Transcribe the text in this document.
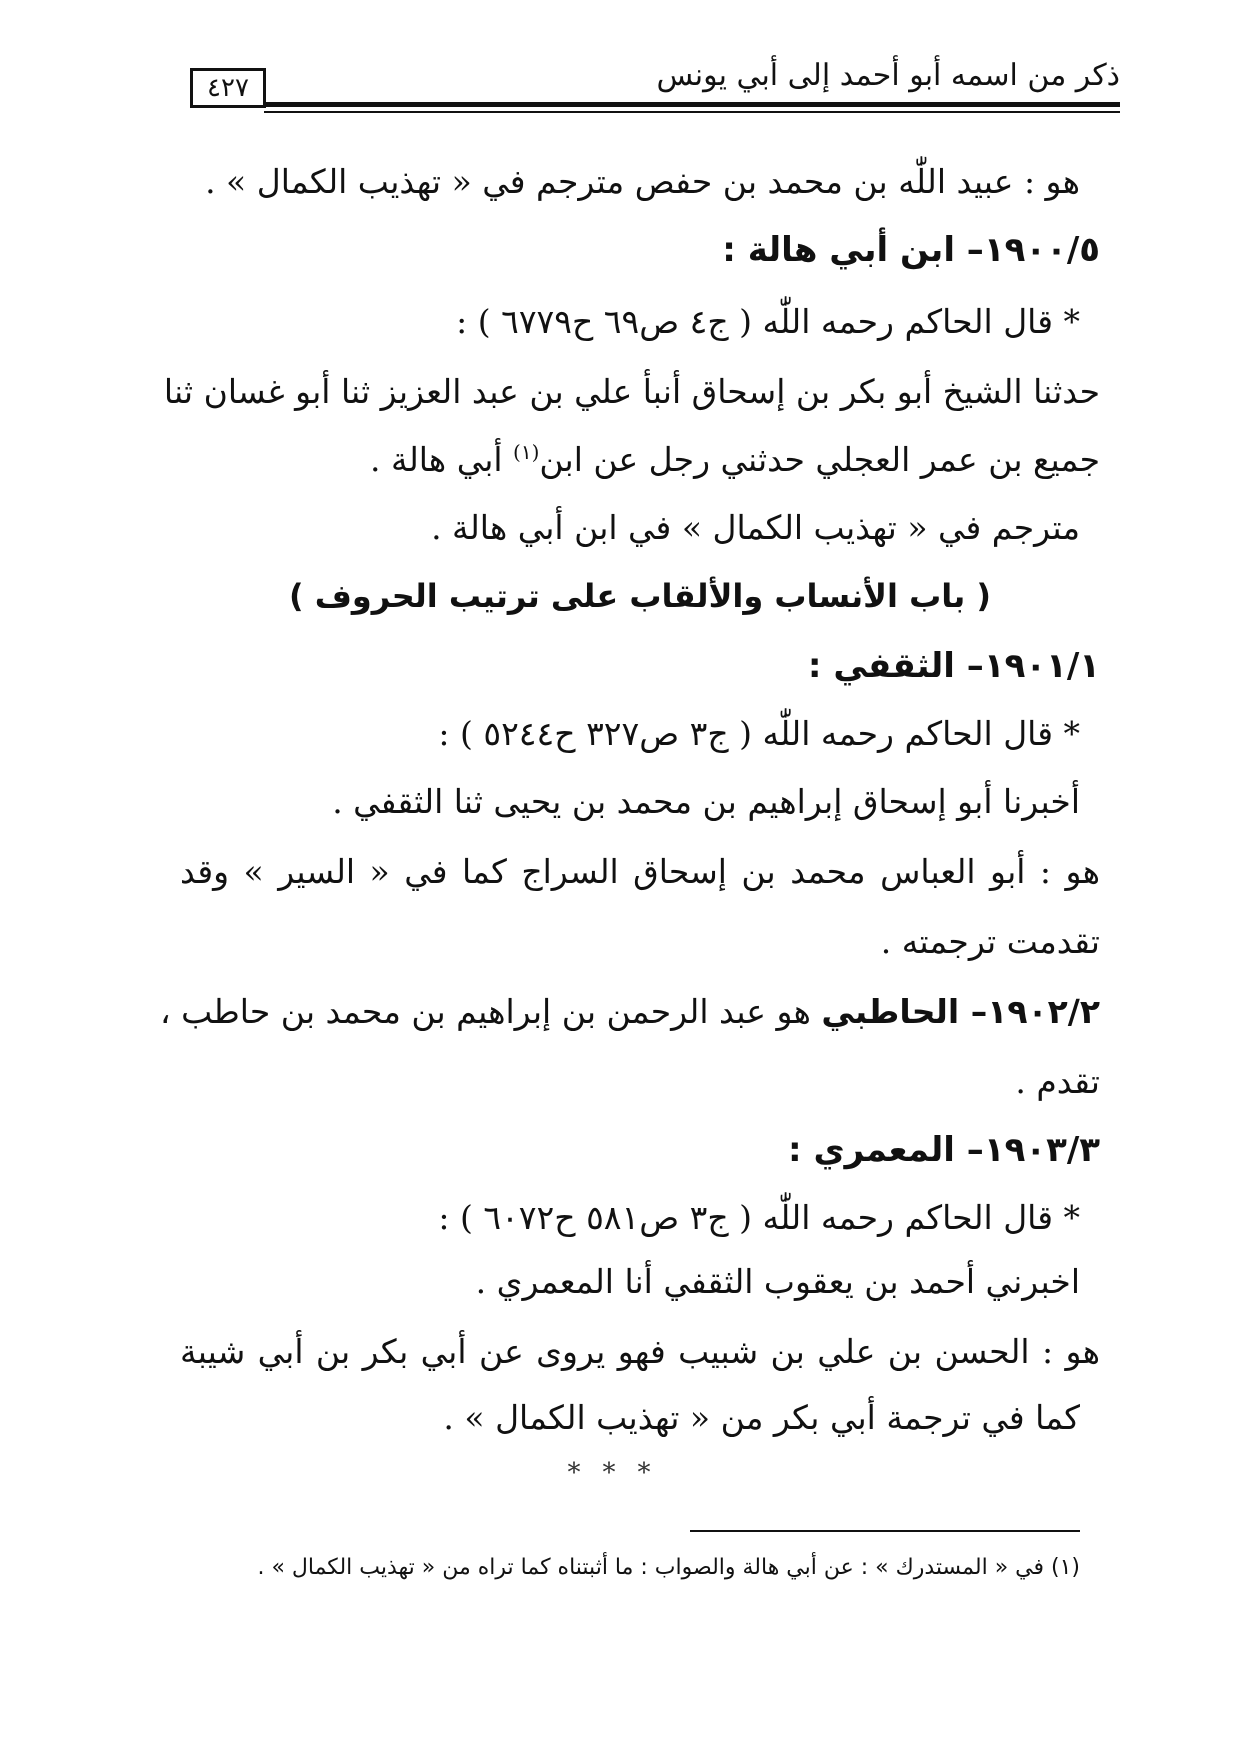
ذكر من اسمه أبو أحمد إلى أبي يونس
٤٢٧
هو : عبيد اللّٰه بن محمد بن حفص مترجم في « تهذيب الكمال » .
١٩٠٠/٥– ابن أبي هالة :
* قال الحاكم رحمه اللّٰه ( ج٤ ص٦٩ ح٦٧٧٩ ) :
حدثنا الشيخ أبو بكر بن إسحاق أنبأ علي بن عبد العزيز ثنا أبو غسان ثنا
جميع بن عمر العجلي حدثني رجل عن ابن$^{(١)}$ أبي هالة .
مترجم في « تهذيب الكمال » في ابن أبي هالة .
( باب الأنساب والألقاب على ترتيب الحروف )
١٩٠١/١– الثقفي :
* قال الحاكم رحمه اللّٰه ( ج٣ ص٣٢٧ ح٥٢٤٤ ) :
أخبرنا أبو إسحاق إبراهيم بن محمد بن يحيى ثنا الثقفي .
هو : أبو العباس محمد بن إسحاق السراج كما في « السير » وقد
تقدمت ترجمته .
١٩٠٢/٢– الحاطبي هو عبد الرحمن بن إبراهيم بن محمد بن حاطب ،
تقدم .
١٩٠٣/٣– المعمري :
* قال الحاكم رحمه اللّٰه ( ج٣ ص٥٨١ ح٦٠٧٢ ) :
اخبرني أحمد بن يعقوب الثقفي أنا المعمري .
هو : الحسن بن علي بن شبيب فهو يروى عن أبي بكر بن أبي شيبة
كما في ترجمة أبي بكر من « تهذيب الكمال » .
***
(١) في « المستدرك » : عن أبي هالة والصواب : ما أثبتناه كما تراه من « تهذيب الكمال » .
